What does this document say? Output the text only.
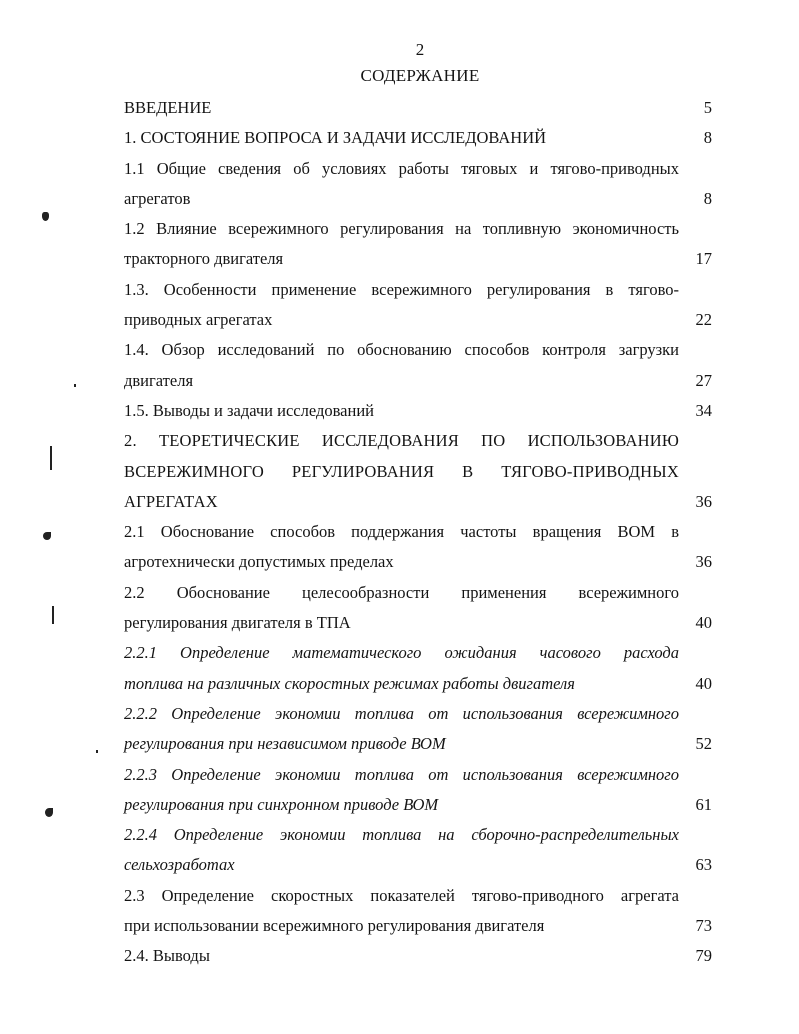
2
СОДЕРЖАНИЕ
ВВЕДЕНИЕ	5
1. СОСТОЯНИЕ ВОПРОСА И ЗАДАЧИ ИССЛЕДОВАНИЙ	8
1.1 Общие сведения об условиях работы тяговых и тягово-приводных
агрегатов	8
1.2 Влияние всережимного регулирования на топливную экономичность
тракторного двигателя	17
1.3. Особенности применение всережимного регулирования в тягово-
приводных агрегатах	22
1.4. Обзор исследований по обоснованию способов контроля загрузки
двигателя	27
1.5. Выводы и задачи исследований	34
2. ТЕОРЕТИЧЕСКИЕ ИССЛЕДОВАНИЯ ПО ИСПОЛЬЗОВАНИЮ
ВСЕРЕЖИМНОГО РЕГУЛИРОВАНИЯ В ТЯГОВО-ПРИВОДНЫХ
АГРЕГАТАХ	36
2.1 Обоснование способов поддержания частоты вращения ВОМ в
агротехнически допустимых пределах	36
2.2 Обоснование целесообразности применения всережимного
регулирования двигателя в ТПА	40
2.2.1 Определение математического ожидания часового расхода
топлива на различных скоростных режимах работы двигателя	40
2.2.2 Определение экономии топлива от использования всережимного
регулирования при независимом приводе ВОМ	52
2.2.3 Определение экономии топлива от использования всережимного
регулирования при синхронном приводе ВОМ	61
2.2.4 Определение экономии топлива на сборочно-распределительных
сельхозработах	63
2.3 Определение скоростных показателей тягово-приводного агрегата
при использовании всережимного регулирования двигателя	73
2.4. Выводы	79
